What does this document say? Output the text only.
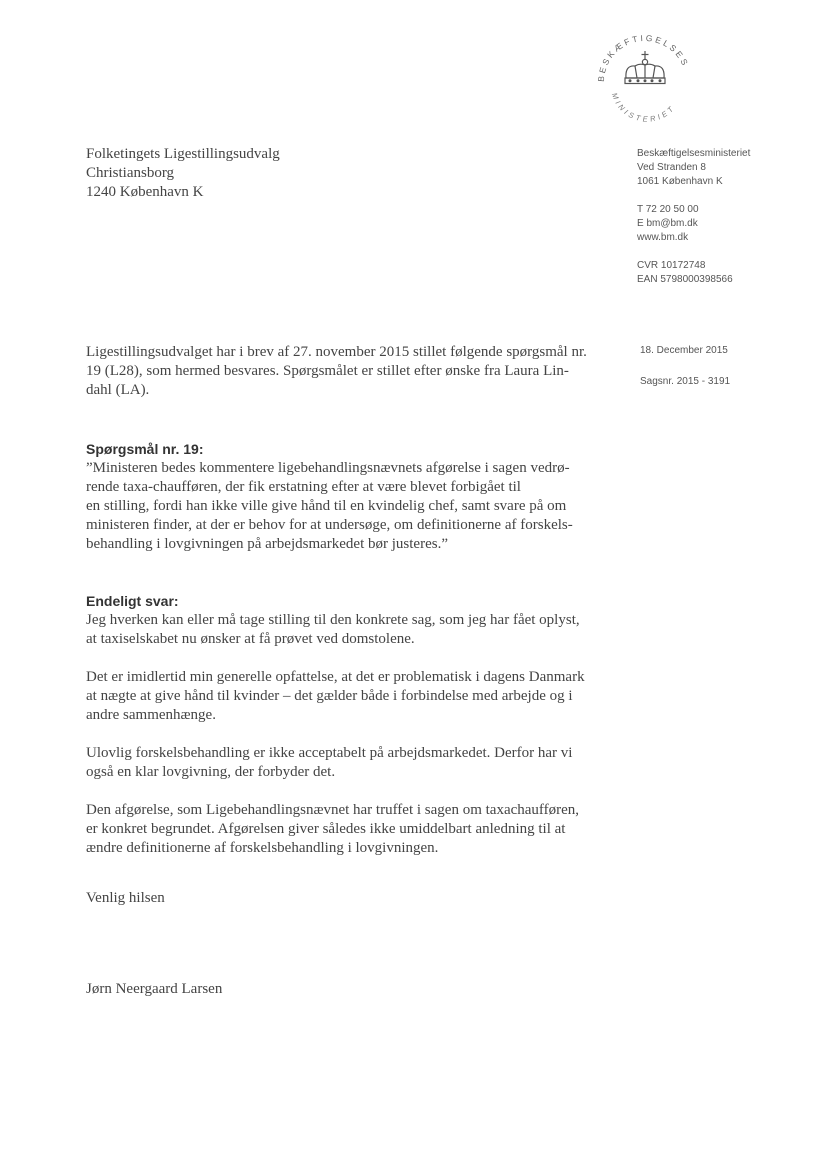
BESKÆFTIGELSES
MINISTERIET
Folketingets Ligestillingsudvalg
Christiansborg
1240 København K
Beskæftigelsesministeriet
Ved Stranden 8
1061 København K
T 72 20 50 00
E bm@bm.dk
www.bm.dk
CVR 10172748
EAN 5798000398566
18. December 2015
Sagsnr. 2015 - 3191
Ligestillingsudvalget har i brev af 27. november 2015 stillet følgende spørgsmål nr.
19 (L28), som hermed besvares. Spørgsmålet er stillet efter ønske fra Laura Lin-
dahl (LA).
Spørgsmål nr. 19:
”Ministeren bedes kommentere ligebehandlingsnævnets afgørelse i sagen vedrø-
rende taxa-chaufføren, der fik erstatning efter at være blevet forbigået til
en stilling, fordi han ikke ville give hånd til en kvindelig chef, samt svare på om
ministeren finder, at der er behov for at undersøge, om definitionerne af forskels-
behandling i lovgivningen på arbejdsmarkedet bør justeres.”
Endeligt svar:
Jeg hverken kan eller må tage stilling til den konkrete sag, som jeg har fået oplyst,
at taxiselskabet nu ønsker at få prøvet ved domstolene.
Det er imidlertid min generelle opfattelse, at det er problematisk i dagens Danmark
at nægte at give hånd til kvinder – det gælder både i forbindelse med arbejde og i
andre sammenhænge.
Ulovlig forskelsbehandling er ikke acceptabelt på arbejdsmarkedet. Derfor har vi
også en klar lovgivning, der forbyder det.
Den afgørelse, som Ligebehandlingsnævnet har truffet i sagen om taxachaufføren,
er konkret begrundet. Afgørelsen giver således ikke umiddelbart anledning til at
ændre definitionerne af forskelsbehandling i lovgivningen.
Venlig hilsen
Jørn Neergaard Larsen
